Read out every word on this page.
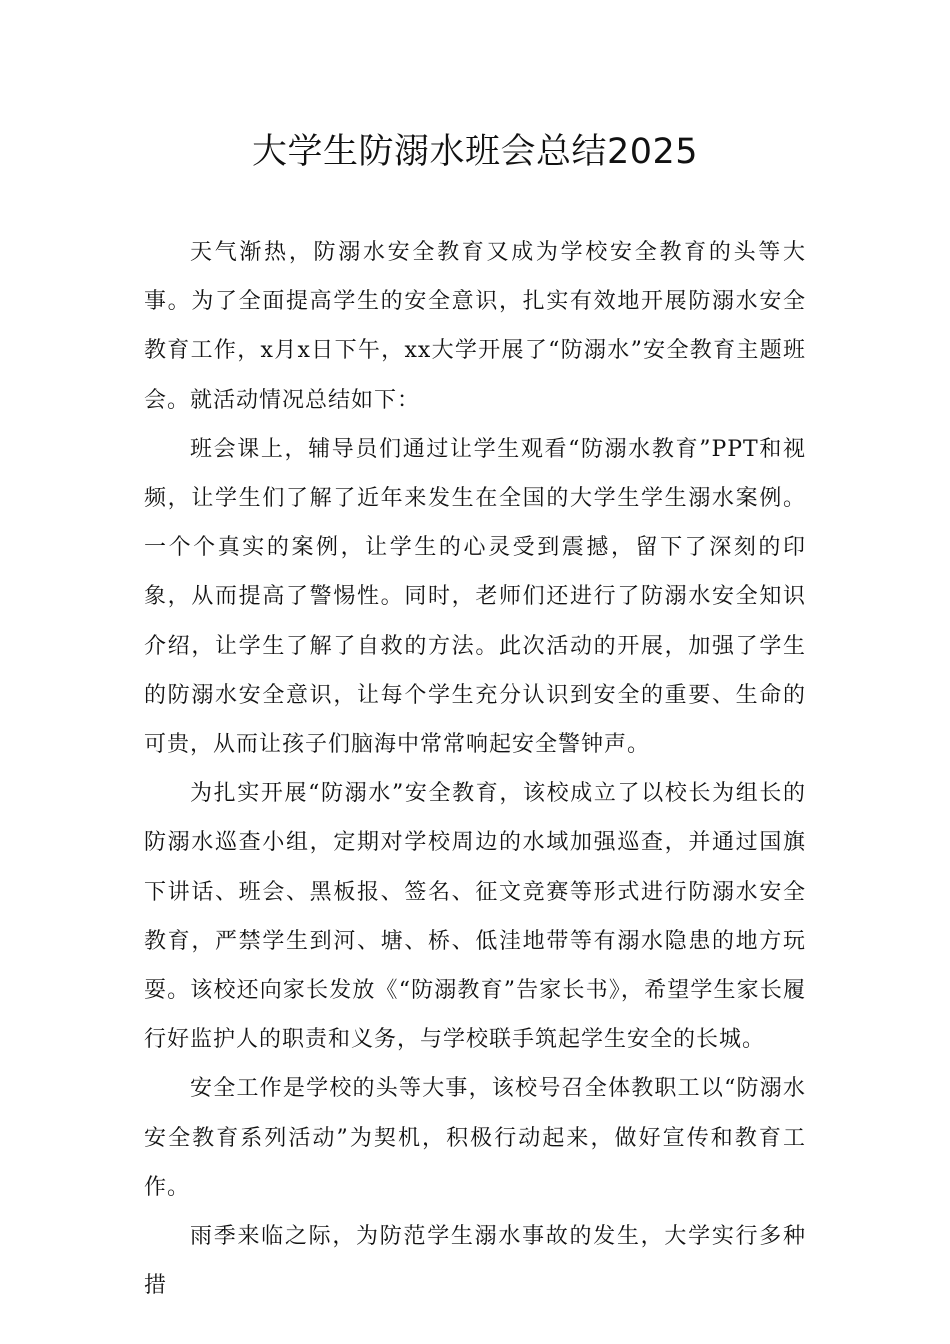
大学生防溺水班会总结2025

天气渐热，防溺水安全教育又成为学校安全教育的头等大事。为了全面提高学生的安全意识，扎实有效地开展防溺水安全教育工作，x月x日下午，xx大学开展了“防溺水”安全教育主题班会。就活动情况总结如下：

班会课上，辅导员们通过让学生观看“防溺水教育”PPT和视频，让学生们了解了近年来发生在全国的大学生学生溺水案例。一个个真实的案例，让学生的心灵受到震撼，留下了深刻的印象，从而提高了警惕性。同时，老师们还进行了防溺水安全知识介绍，让学生了解了自救的方法。此次活动的开展，加强了学生的防溺水安全意识，让每个学生充分认识到安全的重要、生命的可贵，从而让孩子们脑海中常常响起安全警钟声。

为扎实开展“防溺水”安全教育，该校成立了以校长为组长的防溺水巡查小组，定期对学校周边的水域加强巡查，并通过国旗下讲话、班会、黑板报、签名、征文竞赛等形式进行防溺水安全教育，严禁学生到河、塘、桥、低洼地带等有溺水隐患的地方玩耍。该校还向家长发放《“防溺教育”告家长书》，希望学生家长履行好监护人的职责和义务，与学校联手筑起学生安全的长城。

安全工作是学校的头等大事，该校号召全体教职工以“防溺水安全教育系列活动”为契机，积极行动起来，做好宣传和教育工作。

雨季来临之际，为防范学生溺水事故的发生，大学实行多种措
